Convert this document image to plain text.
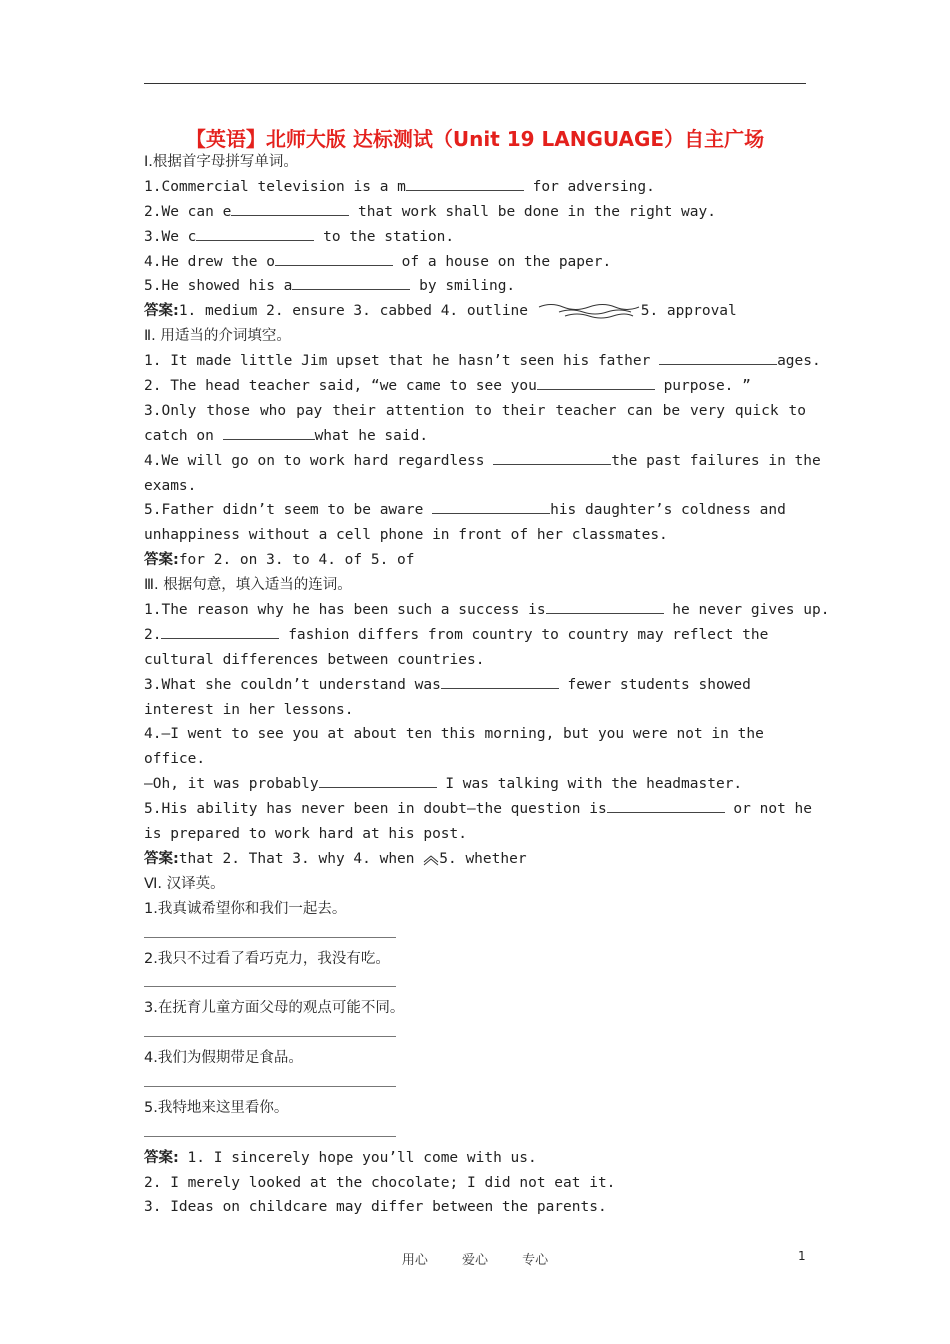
【英语】北师大版 达标测试（Unit 19 LANGUAGE）自主广场
Ⅰ.根据首字母拼写单词。
1.Commercial television is a m	for adversing.
2.We can e	that work shall be done in the right way.
3.We c	to the station.
4.He drew the o	of a house on the paper.
5.He showed his a	by smiling.
答案:1. medium 2. ensure 3. cabbed 4. outline	5. approval
Ⅱ. 用适当的介词填空。
1. It made little Jim upset that he hasn’t seen his father	ages.
2. The head teacher said, “we came to see you	purpose. ”
3.Only those who pay their attention to their teacher can be very quick to
catch on	what he said.
4.We will go on to work hard regardless	the past failures in the
exams.
5.Father didn’t seem to be aware	his daughter’s coldness and
unhappiness without a cell phone in front of her classmates.
答案:for 2. on 3. to 4. of 5. of
Ⅲ. 根据句意，填入适当的连词。
1.The reason why he has been such a success is	he never gives up.
2.	fashion differs from country to country may reflect the
cultural differences between countries.
3.What she couldn’t understand was	fewer students showed
interest in her lessons.
4.—I went to see you at about ten this morning, but you were not in the
office.
—Oh, it was probably	I was talking with the headmaster.
5.His ability has never been in doubt—the question is	or not he
is prepared to work hard at his post.
答案:that 2. That 3. why 4. when 5. whether
Ⅵ. 汉译英。
1.我真诚希望你和我们一起去。
2.我只不过看了看巧克力，我没有吃。
3.在抚育儿童方面父母的观点可能不同。
4.我们为假期带足食品。
5.我特地来这里看你。
答案: 1. I sincerely hope you’ll come with us.
2. I merely looked at the chocolate; I did not eat it.
3. Ideas on childcare may differ between the parents.
用心 爱心 专心	1
